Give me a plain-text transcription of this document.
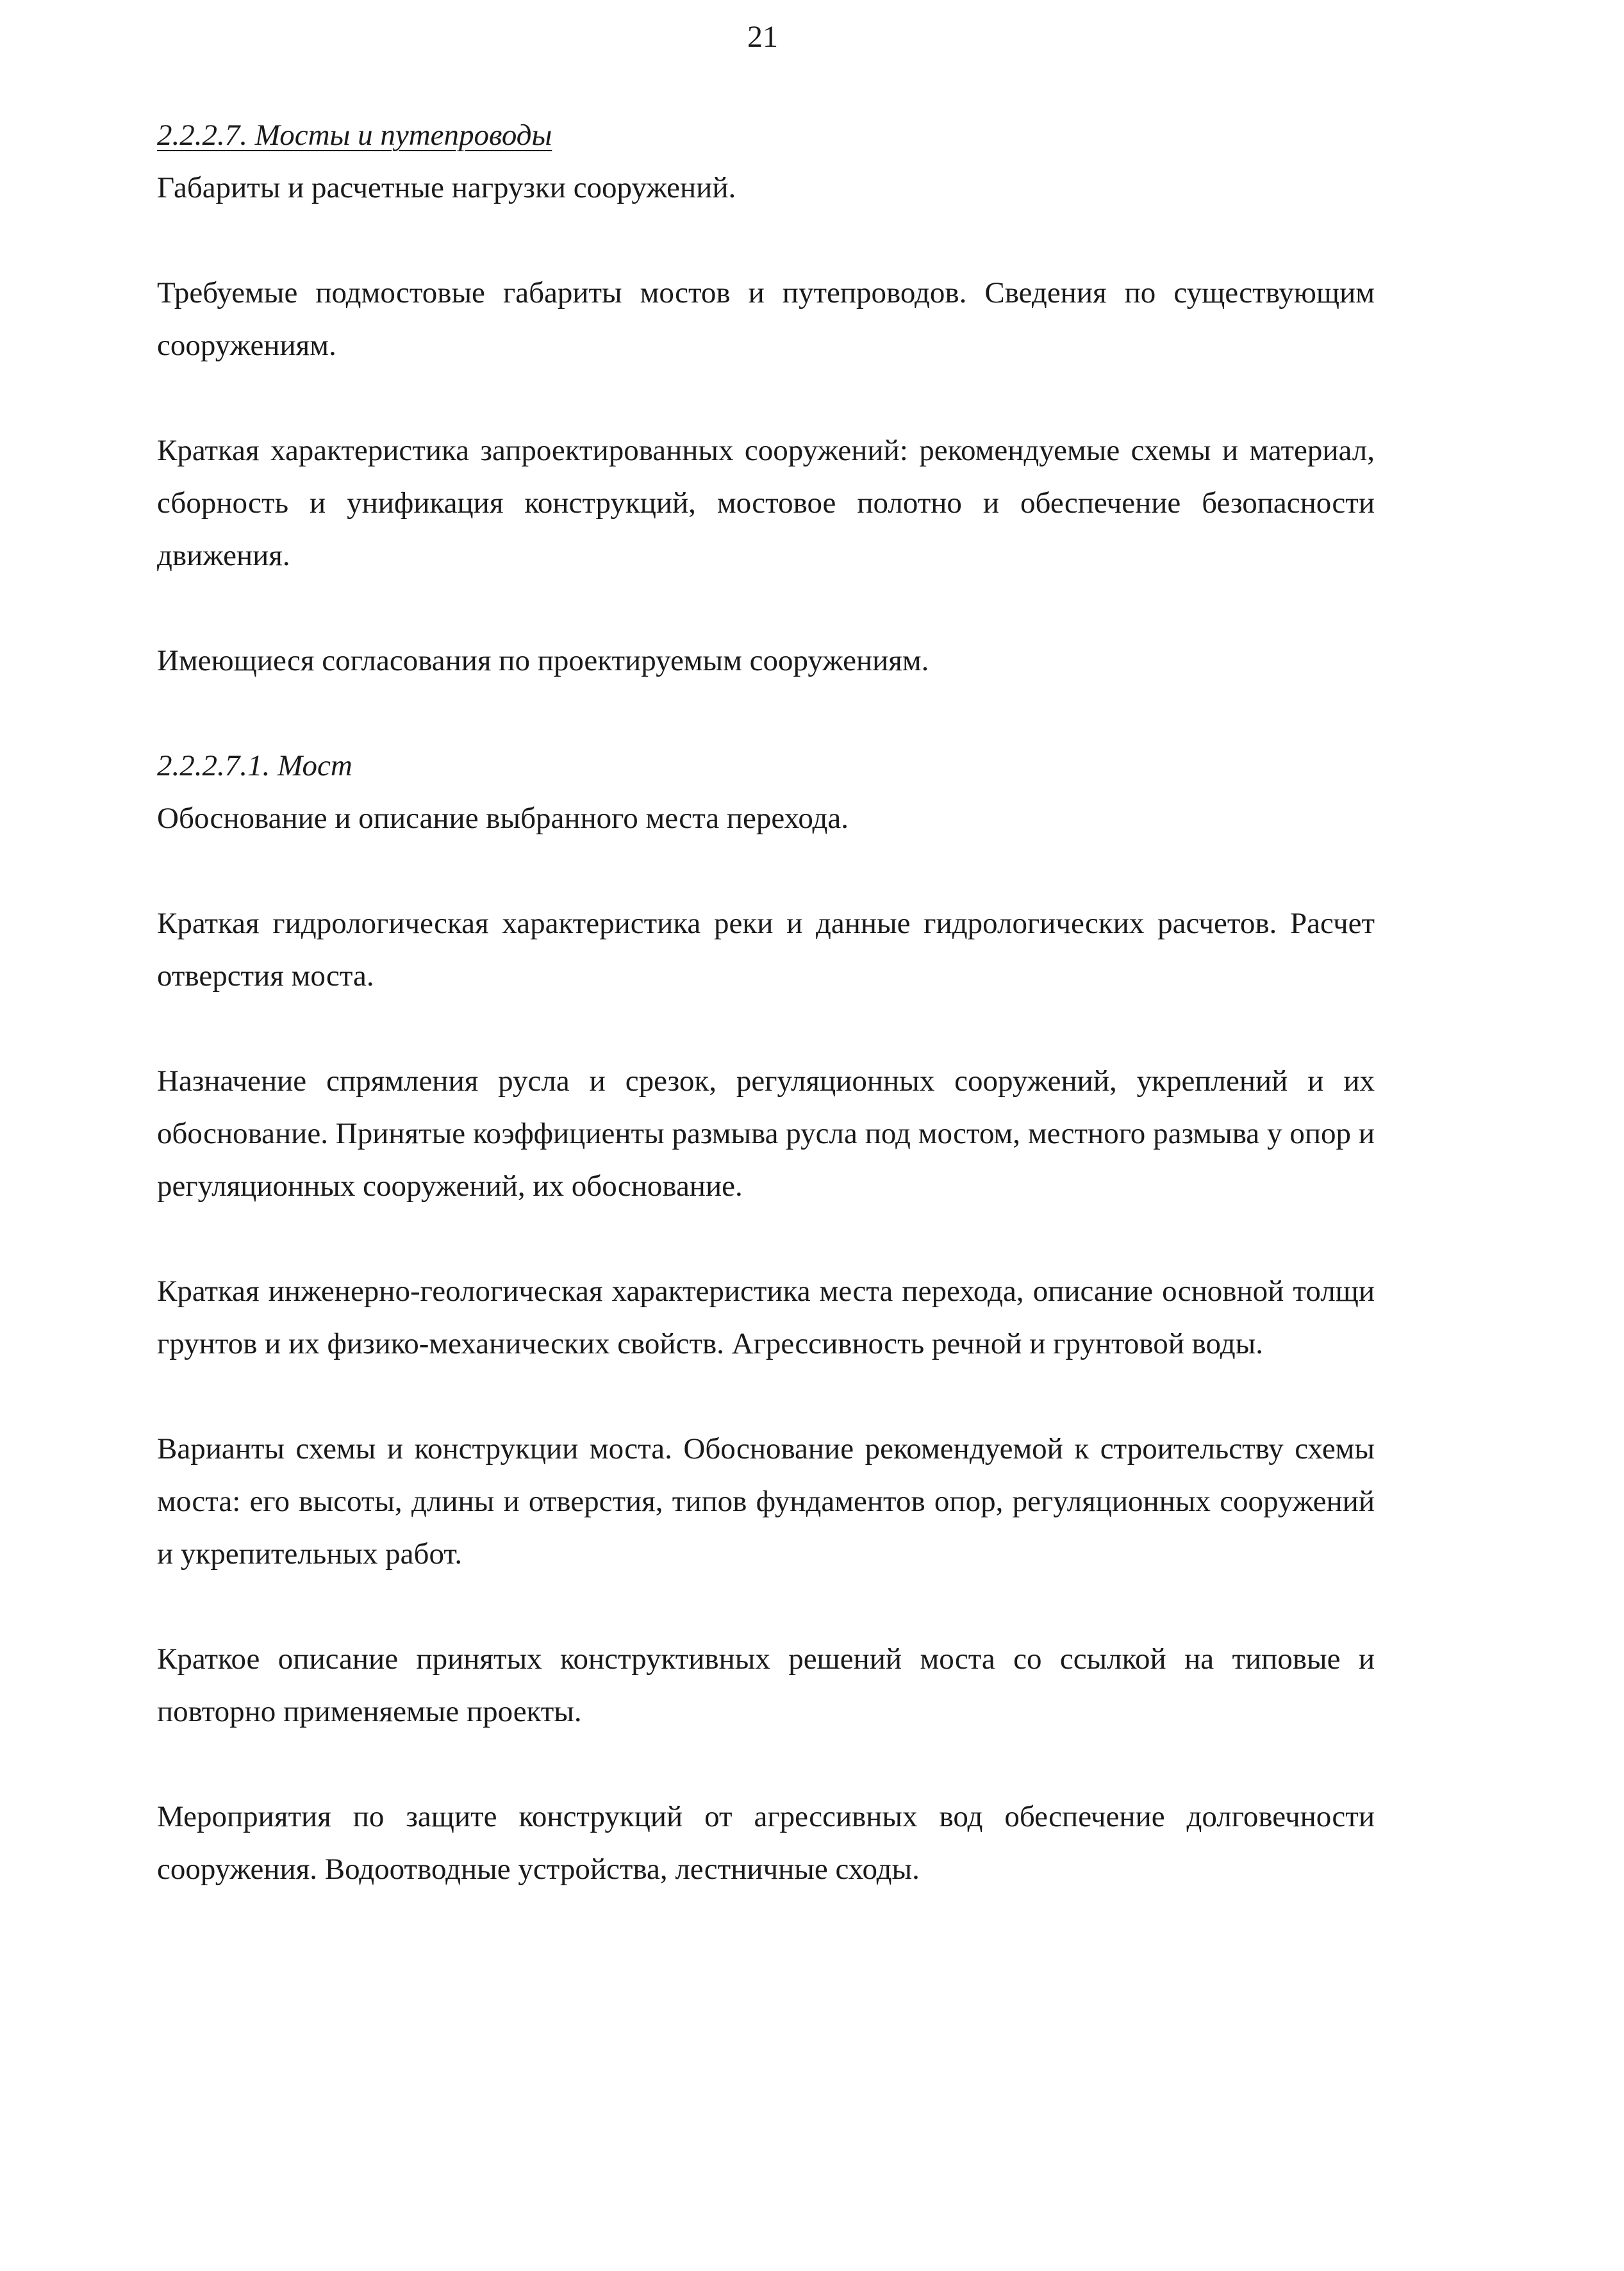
21

2.2.2.7. Мосты и путепроводы

Габариты и расчетные нагрузки сооружений.

Требуемые подмостовые габариты мостов и путепроводов. Сведения по существующим сооружениям.

Краткая характеристика запроектированных сооружений: рекомендуемые схемы и материал, сборность и унификация конструкций, мостовое полотно и обеспечение безопасности движения.

Имеющиеся согласования по проектируемым сооружениям.

2.2.2.7.1. Мост

Обоснование и описание выбранного места перехода.

Краткая гидрологическая характеристика реки и данные гидрологических расчетов. Расчет отверстия моста.

Назначение спрямления русла и срезок, регуляционных сооружений, укреплений и их обоснование. Принятые коэффициенты размыва русла под мостом, местного размыва у опор и регуляционных сооружений, их обоснование.

Краткая инженерно-геологическая характеристика места перехода, описание основной толщи грунтов и их физико-механических свойств. Агрессивность речной и грунтовой воды.

Варианты схемы и конструкции моста. Обоснование рекомендуемой к строительству схемы моста: его высоты, длины и отверстия, типов фундаментов опор, регуляционных сооружений и укрепительных работ.

Краткое описание принятых конструктивных решений моста со ссылкой на типовые и повторно применяемые проекты.

Мероприятия по защите конструкций от агрессивных вод обеспечение долговечности сооружения. Водоотводные устройства, лестничные сходы.
